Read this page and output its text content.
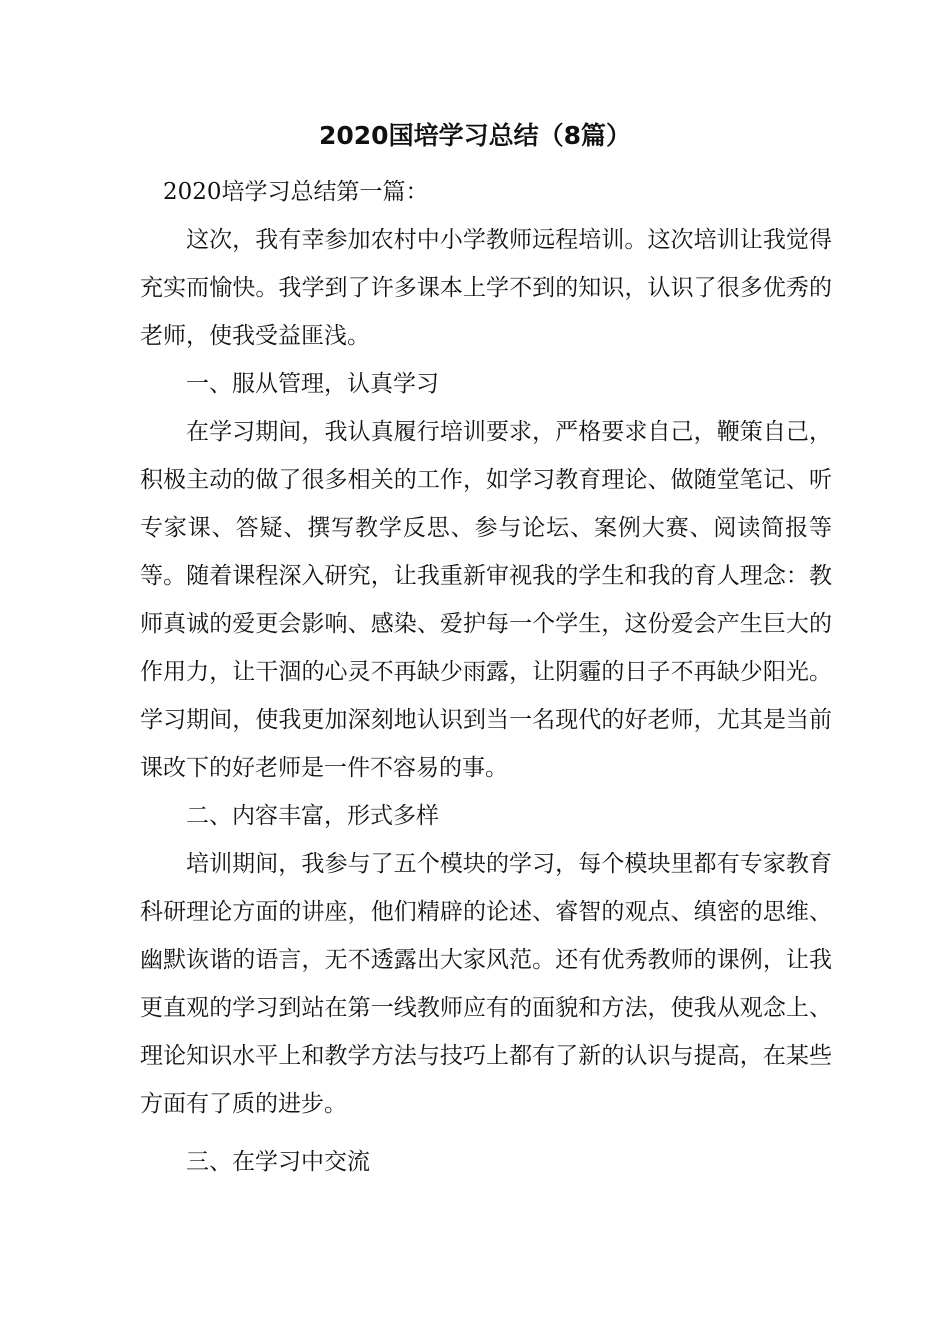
2020国培学习总结（8篇）

2020培学习总结第一篇：

这次，我有幸参加农村中小学教师远程培训。这次培训让我觉得充实而愉快。我学到了许多课本上学不到的知识，认识了很多优秀的老师，使我受益匪浅。

一、服从管理，认真学习

在学习期间，我认真履行培训要求，严格要求自己，鞭策自己，积极主动的做了很多相关的工作，如学习教育理论、做随堂笔记、听专家课、答疑、撰写教学反思、参与论坛、案例大赛、阅读简报等等。随着课程深入研究，让我重新审视我的学生和我的育人理念：教师真诚的爱更会影响、感染、爱护每一个学生，这份爱会产生巨大的作用力，让干涸的心灵不再缺少雨露，让阴霾的日子不再缺少阳光。学习期间，使我更加深刻地认识到当一名现代的好老师，尤其是当前课改下的好老师是一件不容易的事。

二、内容丰富，形式多样

培训期间，我参与了五个模块的学习，每个模块里都有专家教育科研理论方面的讲座，他们精辟的论述、睿智的观点、缜密的思维、幽默诙谐的语言，无不透露出大家风范。还有优秀教师的课例，让我更直观的学习到站在第一线教师应有的面貌和方法，使我从观念上、理论知识水平上和教学方法与技巧上都有了新的认识与提高，在某些方面有了质的进步。

三、在学习中交流
